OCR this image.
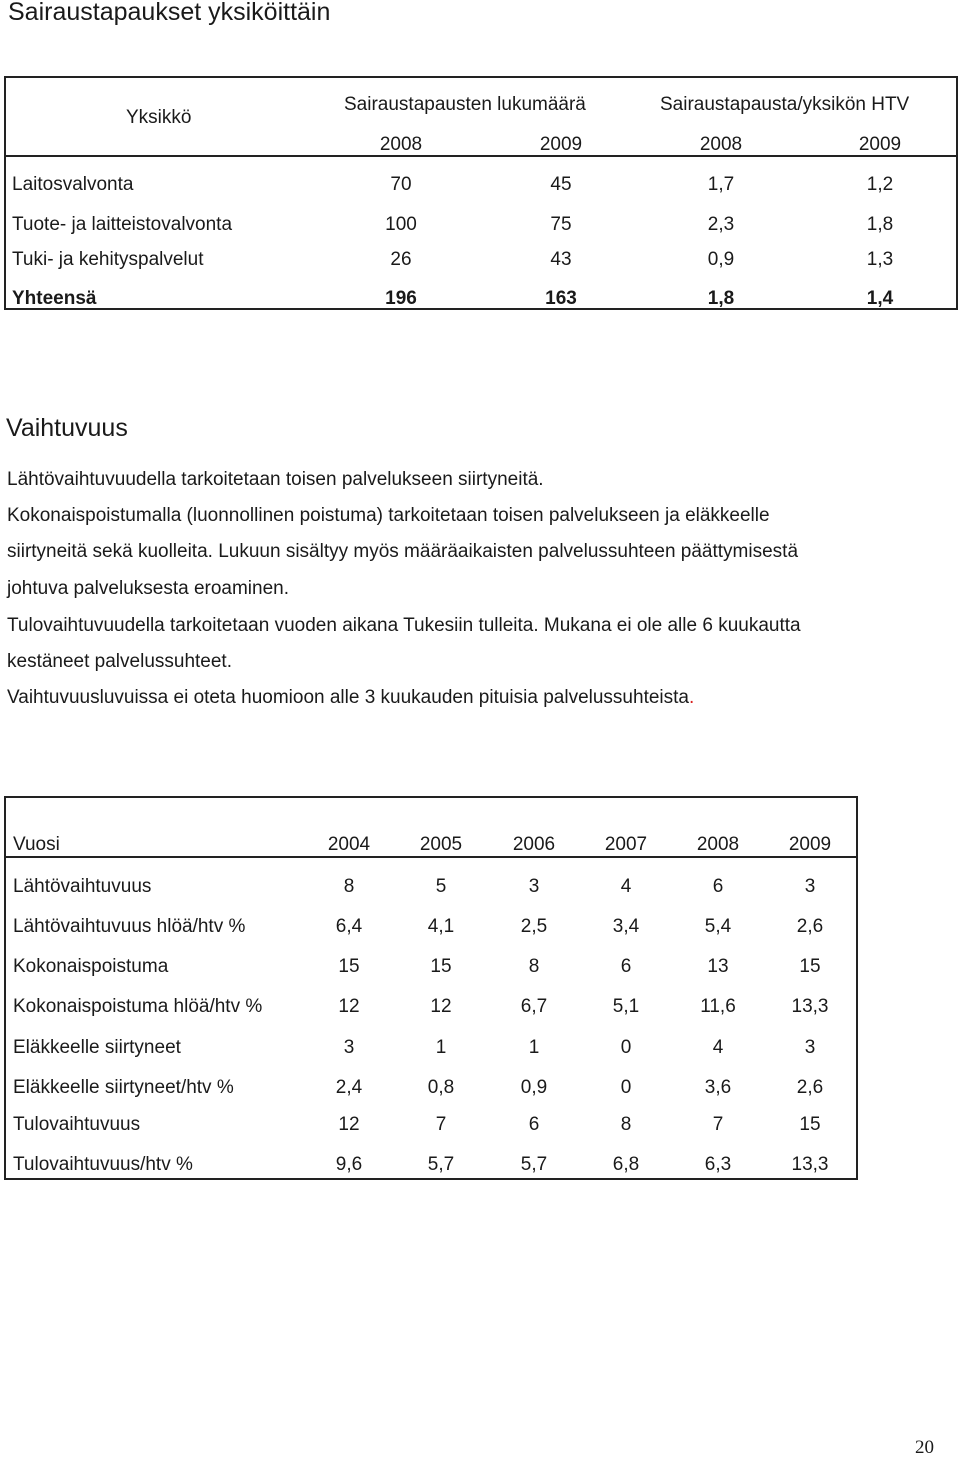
Sairaustapaukset yksiköittäin
Yksikkö
Sairaustapausten lukumäärä	Sairaustapausta/yksikön HTV
2008	2009	2008	2009
Laitosvalvonta	70	45	1,7	1,2
Tuote- ja laitteistovalvonta	100	75	2,3	1,8
Tuki- ja kehityspalvelut	26	43	0,9	1,3
Yhteensä	196	163	1,8	1,4
Vaihtuvuus
Lähtövaihtuvuudella tarkoitetaan toisen palvelukseen siirtyneitä.
Kokonaispoistumalla (luonnollinen poistuma) tarkoitetaan toisen palvelukseen ja eläkkeelle
siirtyneitä sekä kuolleita. Lukuun sisältyy myös määräaikaisten palvelussuhteen päättymisestä
johtuva palveluksesta eroaminen.
Tulovaihtuvuudella tarkoitetaan vuoden aikana Tukesiin tulleita. Mukana ei ole alle 6 kuukautta
kestäneet palvelussuhteet.
Vaihtuvuusluvuissa ei oteta huomioon alle 3 kuukauden pituisia palvelussuhteista.
Vuosi	2004	2005	2006	2007	2008	2009
Lähtövaihtuvuus	8	5	3	4	6	3
Lähtövaihtuvuus hlöä/htv %	6,4	4,1	2,5	3,4	5,4	2,6
Kokonaispoistuma	15	15	8	6	13	15
Kokonaispoistuma hlöä/htv %	12	12	6,7	5,1	11,6	13,3
Eläkkeelle siirtyneet	3	1	1	0	4	3
Eläkkeelle siirtyneet/htv %	2,4	0,8	0,9	0	3,6	2,6
Tulovaihtuvuus	12	7	6	8	7	15
Tulovaihtuvuus/htv %	9,6	5,7	5,7	6,8	6,3	13,3
20
